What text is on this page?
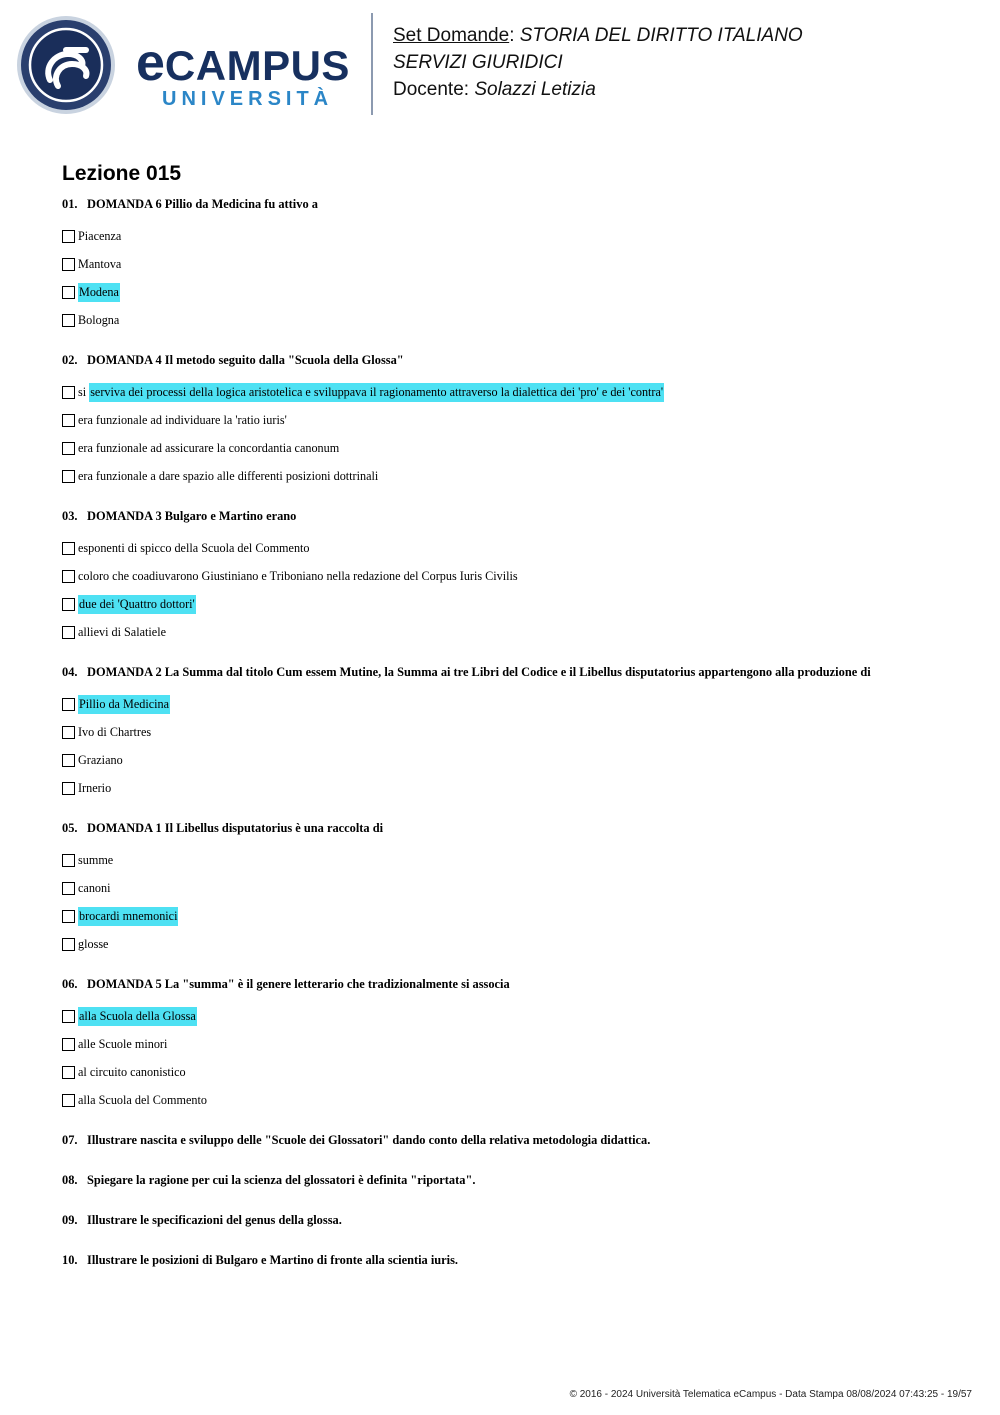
eCAMPUS
UNIVERSITÀ
Set Domande: STORIA DEL DIRITTO ITALIANO
SERVIZI GIURIDICI
Docente: Solazzi Letizia
Lezione 015

01. DOMANDA 6 Pillio da Medicina fu attivo a

Piacenza
Mantova
Modena
Bologna

02. DOMANDA 4 Il metodo seguito dalla "Scuola della Glossa"

si serviva dei processi della logica aristotelica e sviluppava il ragionamento attraverso la dialettica dei 'pro' e dei 'contra'
era funzionale ad individuare la 'ratio iuris'
era funzionale ad assicurare la concordantia canonum
era funzionale a dare spazio alle differenti posizioni dottrinali

03. DOMANDA 3 Bulgaro e Martino erano

esponenti di spicco della Scuola del Commento
coloro che coadiuvarono Giustiniano e Triboniano nella redazione del Corpus Iuris Civilis
due dei 'Quattro dottori'
allievi di Salatiele

04. DOMANDA 2 La Summa dal titolo Cum essem Mutine, la Summa ai tre Libri del Codice e il Libellus disputatorius appartengono alla produzione di

Pillio da Medicina
Ivo di Chartres
Graziano
Irnerio

05. DOMANDA 1 Il Libellus disputatorius è una raccolta di

summe
canoni
brocardi mnemonici
glosse

06. DOMANDA 5 La "summa" è il genere letterario che tradizionalmente si associa

alla Scuola della Glossa
alle Scuole minori
al circuito canonistico
alla Scuola del Commento

07. Illustrare nascita e sviluppo delle "Scuole dei Glossatori" dando conto della relativa metodologia didattica.

08. Spiegare la ragione per cui la scienza del glossatori è definita "riportata".

09. Illustrare le specificazioni del genus della glossa.

10. Illustrare le posizioni di Bulgaro e Martino di fronte alla scientia iuris.

© 2016 - 2024 Università Telematica eCampus - Data Stampa 08/08/2024 07:43:25 - 19/57
